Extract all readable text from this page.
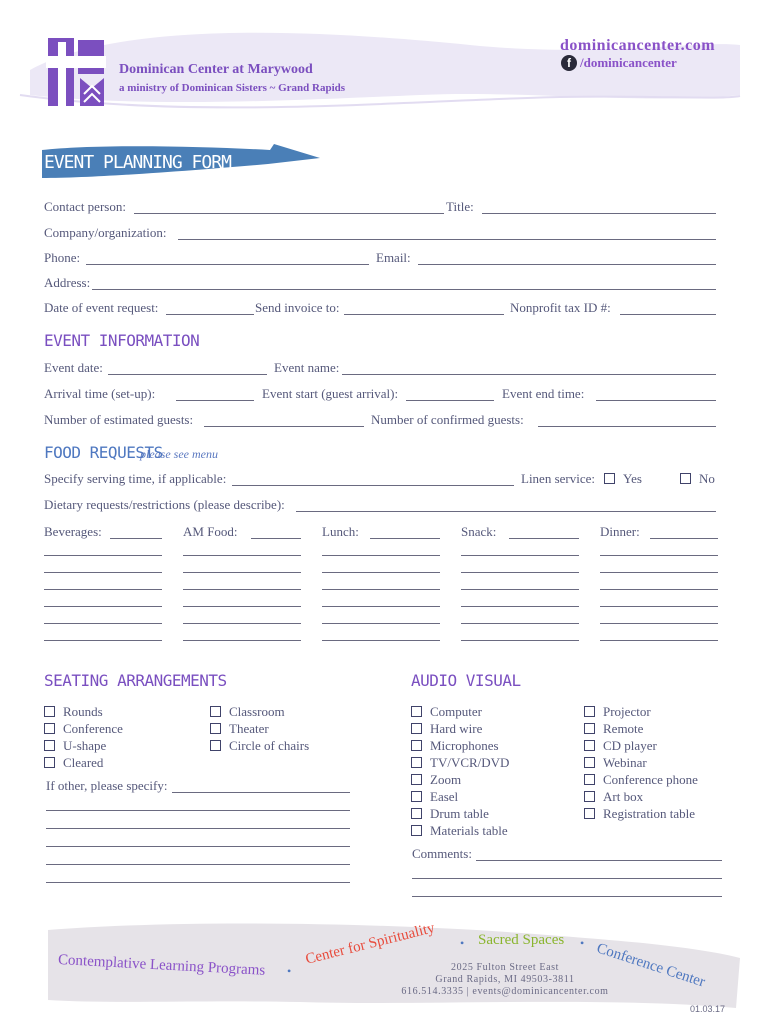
Dominican Center at Marywood
a ministry of Dominican Sisters ~ Grand Rapids
dominicancenter.com
f /dominicancenter
EVENT PLANNING FORM
Contact person:	Title:
Company/organization:
Phone:	Email:
Address:
Date of event request:	Send invoice to:	Nonprofit tax ID #:
EVENT INFORMATION
Event date:	Event name:
Arrival time (set-up):	Event start (guest arrival):	Event end time:
Number of estimated guests:	Number of confirmed guests:
FOOD REQUESTS
please see menu
Specify serving time, if applicable:	Linen service:	Yes	No
Dietary requests/restrictions (please describe):
Beverages:	AM Food:	Lunch:	Snack:	Dinner:
SEATING ARRANGEMENTS
Rounds
Conference
U-shape
Cleared
Classroom
Theater
Circle of chairs
If other, please specify:
AUDIO VISUAL
Computer
Hard wire
Microphones
TV/VCR/DVD
Zoom
Easel
Drum table
Materials table
Projector
Remote
CD player
Webinar
Conference phone
Art box
Registration table
Comments:
Contemplative Learning Programs •
Center for Spirituality • Sacred Spaces • Conference Center
2025 Fulton Street East
Grand Rapids, MI 49503-3811
616.514.3335 | events@dominicancenter.com
01.03.17
